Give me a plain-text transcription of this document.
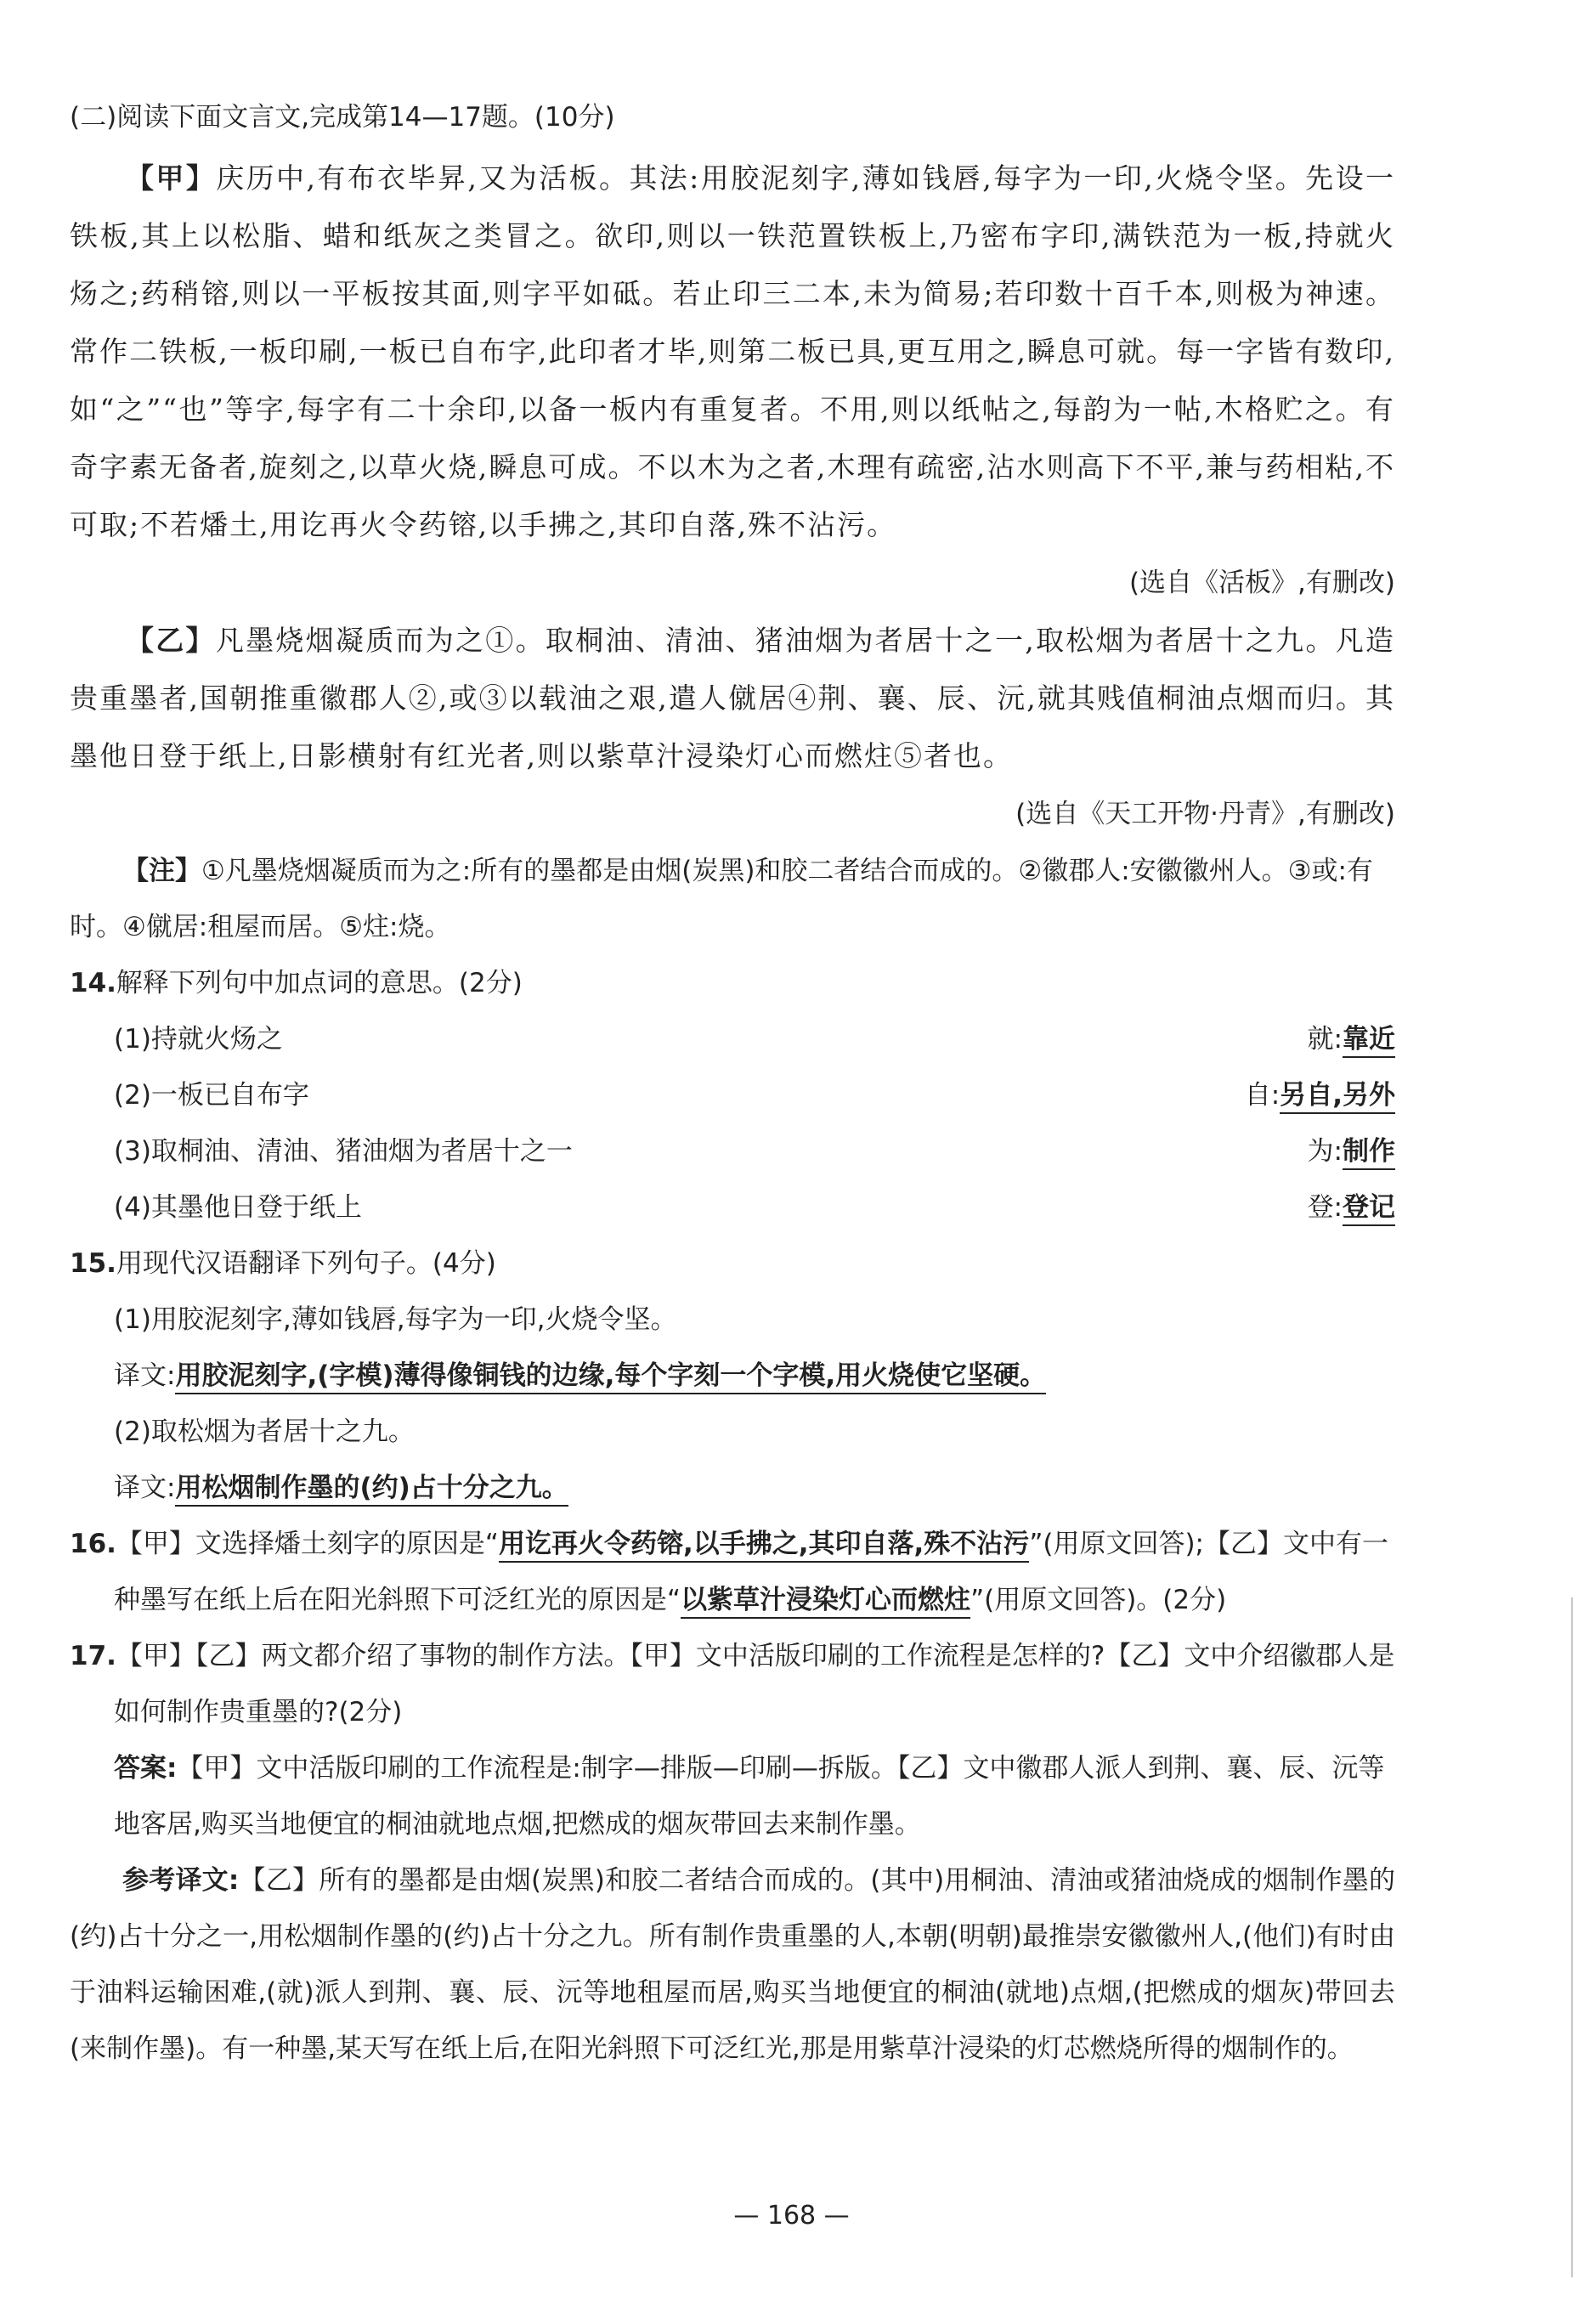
(二)阅读下面文言文,完成第14—17题。(10分)

【甲】庆历中,有布衣毕昇,又为活板。其法:用胶泥刻字,薄如钱唇,每字为一印,火烧令坚。先设一铁板,其上以松脂、蜡和纸灰之类冒之。欲印,则以一铁范置铁板上,乃密布字印,满铁范为一板,持就火炀之;药稍镕,则以一平板按其面,则字平如砥。若止印三二本,未为简易;若印数十百千本,则极为神速。常作二铁板,一板印刷,一板已自布字,此印者才毕,则第二板已具,更互用之,瞬息可就。每一字皆有数印,如“之”“也”等字,每字有二十余印,以备一板内有重复者。不用,则以纸帖之,每韵为一帖,木格贮之。有奇字素无备者,旋刻之,以草火烧,瞬息可成。不以木为之者,木理有疏密,沾水则高下不平,兼与药相粘,不可取;不若燔土,用讫再火令药镕,以手拂之,其印自落,殊不沾污。

(选自《活板》,有删改)

【乙】凡墨烧烟凝质而为之①。取桐油、清油、猪油烟为者居十之一,取松烟为者居十之九。凡造贵重墨者,国朝推重徽郡人②,或③以载油之艰,遣人僦居④荆、襄、辰、沅,就其贱值桐油点烟而归。其墨他日登于纸上,日影横射有红光者,则以紫草汁浸染灯心而燃炷⑤者也。

(选自《天工开物·丹青》,有删改)

【注】①凡墨烧烟凝质而为之:所有的墨都是由烟(炭黑)和胶二者结合而成的。②徽郡人:安徽徽州人。③或:有时。④僦居:租屋而居。⑤炷:烧。

14.解释下列句中加点词的意思。(2分)

(1)持就火炀之	就:靠近
(2)一板已自布字	自:另自,另外
(3)取桐油、清油、猪油烟为者居十之一	为:制作
(4)其墨他日登于纸上	登:登记

15.用现代汉语翻译下列句子。(4分)

(1)用胶泥刻字,薄如钱唇,每字为一印,火烧令坚。

译文:用胶泥刻字,(字模)薄得像铜钱的边缘,每个字刻一个字模,用火烧使它坚硬。

(2)取松烟为者居十之九。

译文:用松烟制作墨的(约)占十分之九。

16.【甲】文选择燔土刻字的原因是“用讫再火令药镕,以手拂之,其印自落,殊不沾污”(用原文回答);【乙】文中有一种墨写在纸上后在阳光斜照下可泛红光的原因是“以紫草汁浸染灯心而燃炷”(用原文回答)。(2分)

17.【甲】【乙】两文都介绍了事物的制作方法。【甲】文中活版印刷的工作流程是怎样的?【乙】文中介绍徽郡人是如何制作贵重墨的?(2分)

答案:【甲】文中活版印刷的工作流程是:制字—排版—印刷—拆版。【乙】文中徽郡人派人到荆、襄、辰、沅等地客居,购买当地便宜的桐油就地点烟,把燃成的烟灰带回去来制作墨。

参考译文:【乙】所有的墨都是由烟(炭黑)和胶二者结合而成的。(其中)用桐油、清油或猪油烧成的烟制作墨的(约)占十分之一,用松烟制作墨的(约)占十分之九。所有制作贵重墨的人,本朝(明朝)最推崇安徽徽州人,(他们)有时由于油料运输困难,(就)派人到荆、襄、辰、沅等地租屋而居,购买当地便宜的桐油(就地)点烟,(把燃成的烟灰)带回去(来制作墨)。有一种墨,某天写在纸上后,在阳光斜照下可泛红光,那是用紫草汁浸染的灯芯燃烧所得的烟制作的。

— 168 —
